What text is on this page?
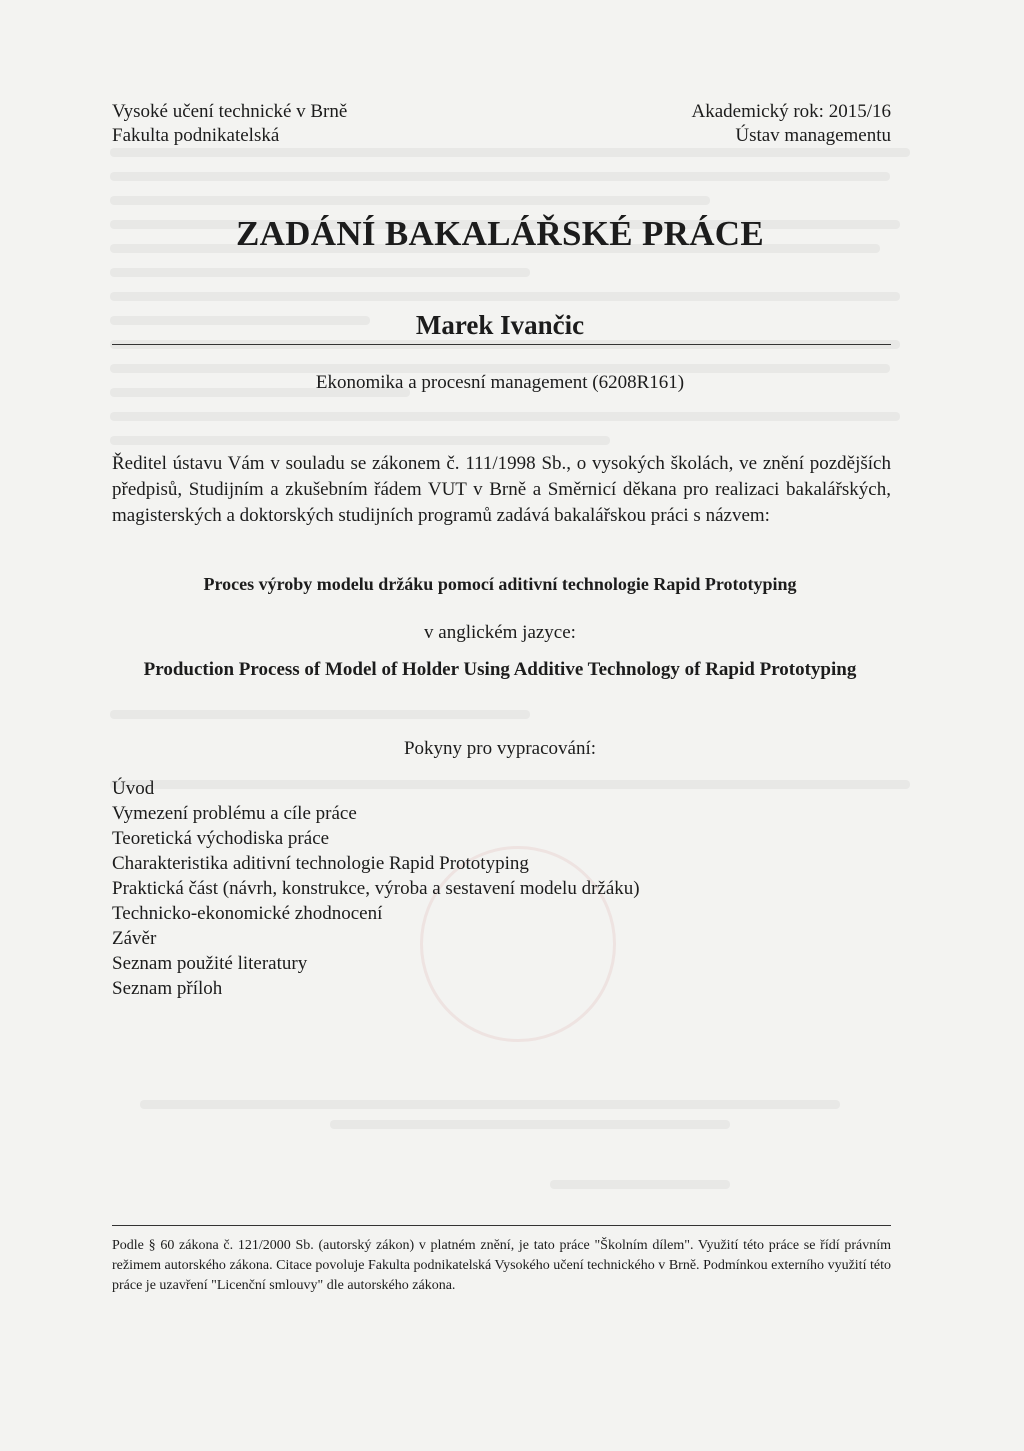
Vysoké učení technické v Brně
Fakulta podnikatelská
Akademický rok: 2015/16
Ústav managementu
ZADÁNÍ BAKALÁŘSKÉ PRÁCE
Marek Ivančic
Ekonomika a procesní management (6208R161)
Ředitel ústavu Vám v souladu se zákonem č. 111/1998 Sb., o vysokých školách, ve znění pozdějších předpisů, Studijním a zkušebním řádem VUT v Brně a Směrnicí děkana pro realizaci bakalářských, magisterských a doktorských studijních programů zadává bakalářskou práci s názvem:
Proces výroby modelu držáku pomocí aditivní technologie Rapid Prototyping
v anglickém jazyce:
Production Process of Model of Holder Using Additive Technology of Rapid Prototyping
Pokyny pro vypracování:
Úvod
Vymezení problému a cíle práce
Teoretická východiska práce
Charakteristika aditivní technologie Rapid Prototyping
Praktická část (návrh, konstrukce, výroba a sestavení modelu držáku)
Technicko-ekonomické zhodnocení
Závěr
Seznam použité literatury
Seznam příloh
Podle § 60 zákona č. 121/2000 Sb. (autorský zákon) v platném znění, je tato práce "Školním dílem". Využití této práce se řídí právním režimem autorského zákona. Citace povoluje Fakulta podnikatelská Vysokého učení technického v Brně. Podmínkou externího využití této práce je uzavření "Licenční smlouvy" dle autorského zákona.
